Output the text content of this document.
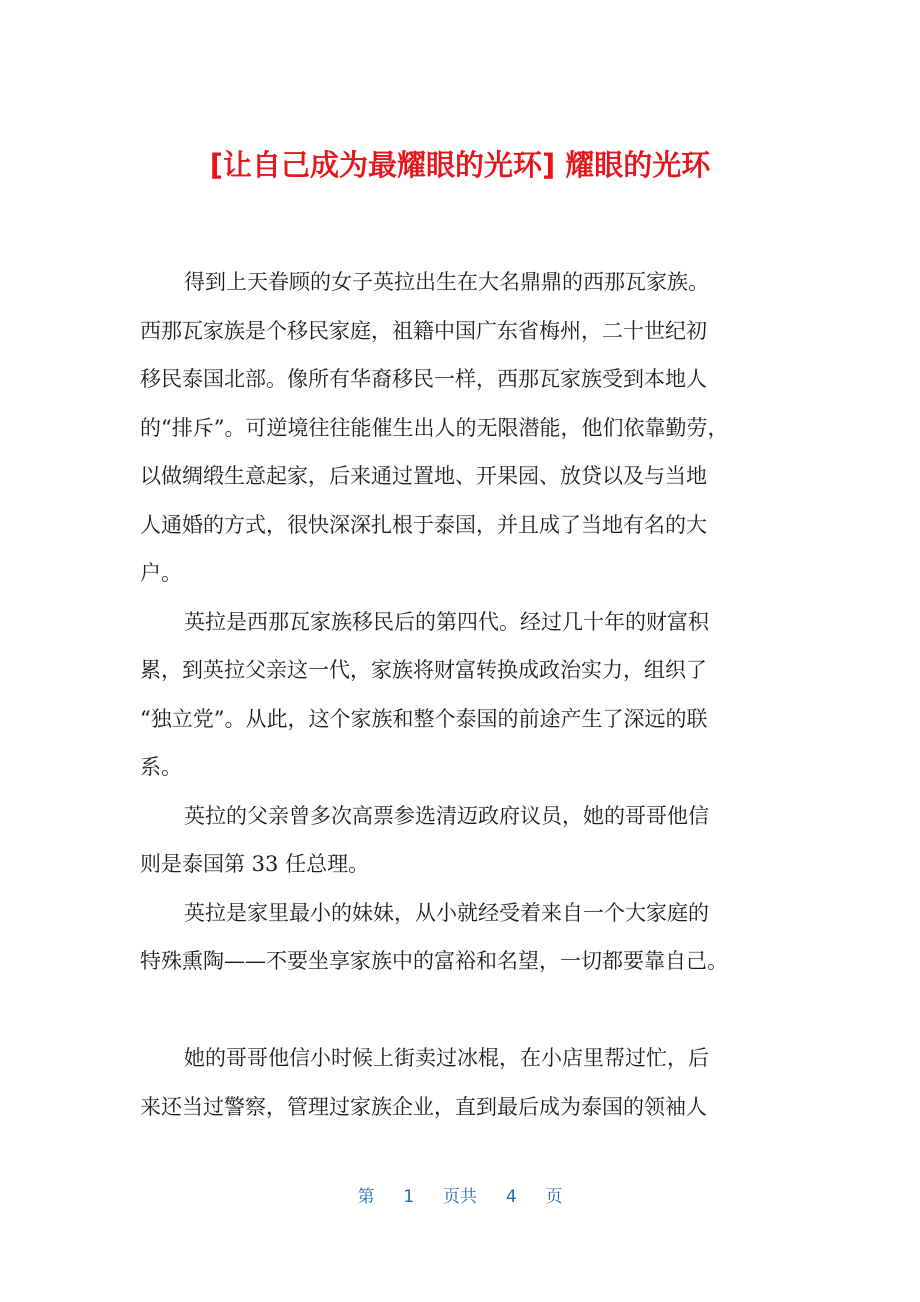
[让自己成为最耀眼的光环] 耀眼的光环

得到上天眷顾的女子英拉出生在大名鼎鼎的西那瓦家族。
西那瓦家族是个移民家庭，祖籍中国广东省梅州，二十世纪初
移民泰国北部。像所有华裔移民一样，西那瓦家族受到本地人
的“排斥”。可逆境往往能催生出人的无限潜能，他们依靠勤劳，
以做绸缎生意起家，后来通过置地、开果园、放贷以及与当地
人通婚的方式，很快深深扎根于泰国，并且成了当地有名的大
户。

英拉是西那瓦家族移民后的第四代。经过几十年的财富积
累，到英拉父亲这一代，家族将财富转换成政治实力，组织了
“独立党”。从此，这个家族和整个泰国的前途产生了深远的联
系。

英拉的父亲曾多次高票参选清迈政府议员，她的哥哥他信
则是泰国第 33 任总理。

英拉是家里最小的妹妹，从小就经受着来自一个大家庭的
特殊熏陶——不要坐享家族中的富裕和名望，一切都要靠自己。

她的哥哥他信小时候上街卖过冰棍，在小店里帮过忙，后
来还当过警察，管理过家族企业，直到最后成为泰国的领袖人

第 1 页共 4 页
